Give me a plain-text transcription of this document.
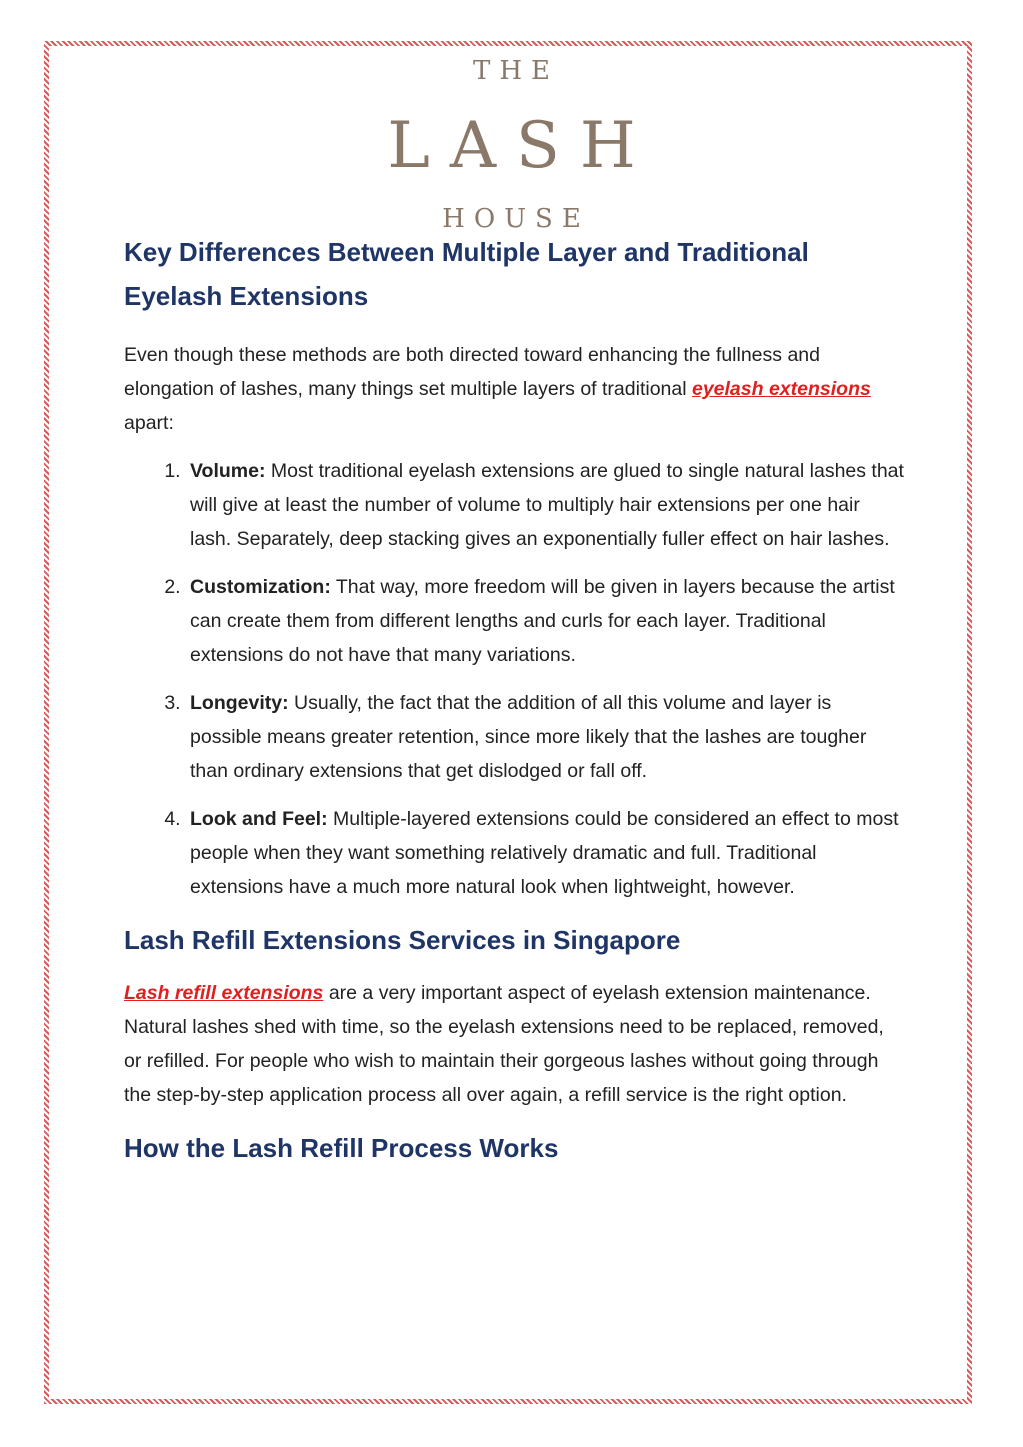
THE
LASH
HOUSE
Key Differences Between Multiple Layer and Traditional Eyelash Extensions

Even though these methods are both directed toward enhancing the fullness and elongation of lashes, many things set multiple layers of traditional eyelash extensions apart:

1. Volume: Most traditional eyelash extensions are glued to single natural lashes that will give at least the number of volume to multiply hair extensions per one hair lash. Separately, deep stacking gives an exponentially fuller effect on hair lashes.
2. Customization: That way, more freedom will be given in layers because the artist can create them from different lengths and curls for each layer. Traditional extensions do not have that many variations.
3. Longevity: Usually, the fact that the addition of all this volume and layer is possible means greater retention, since more likely that the lashes are tougher than ordinary extensions that get dislodged or fall off.
4. Look and Feel: Multiple-layered extensions could be considered an effect to most people when they want something relatively dramatic and full. Traditional extensions have a much more natural look when lightweight, however.
Lash Refill Extensions Services in Singapore

Lash refill extensions are a very important aspect of eyelash extension maintenance. Natural lashes shed with time, so the eyelash extensions need to be replaced, removed, or refilled. For people who wish to maintain their gorgeous lashes without going through the step-by-step application process all over again, a refill service is the right option.

How the Lash Refill Process Works
